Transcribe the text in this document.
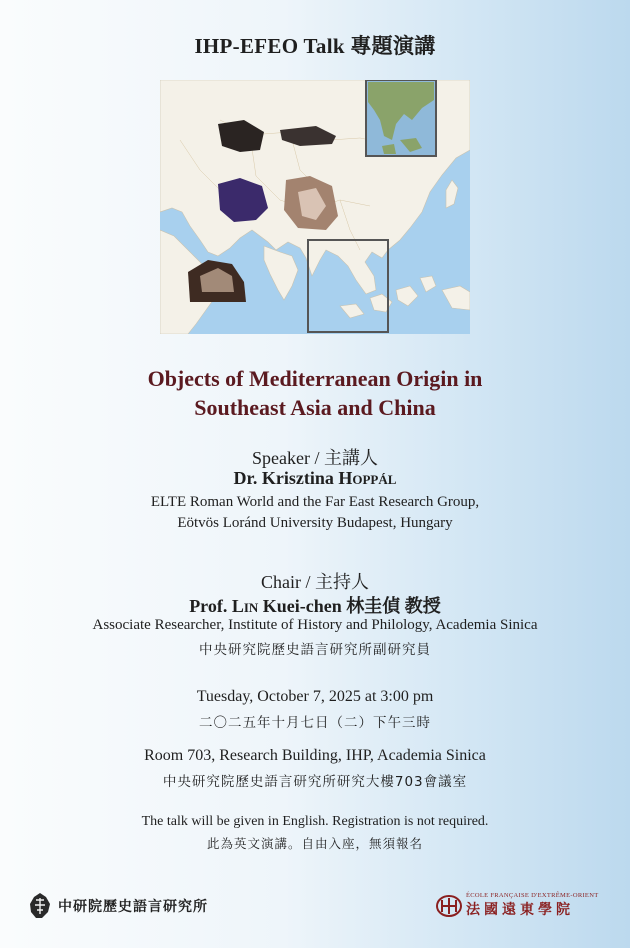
IHP-EFEO Talk 專題演講
Objects of Mediterranean Origin in
Southeast Asia and China
Speaker / 主講人
Dr. Krisztina Hoppál
ELTE Roman World and the Far East Research Group,
Eötvös Loránd University Budapest, Hungary
Chair / 主持人
Prof. Lin Kuei-chen 林圭偵 教授
Associate Researcher, Institute of History and Philology, Academia Sinica
中央研究院歷史語言研究所副研究員
Tuesday, October 7, 2025 at 3:00 pm
二〇二五年十月七日（二）下午三時
Room 703, Research Building, IHP, Academia Sinica
中央研究院歷史語言研究所研究大樓703會議室
The talk will be given in English. Registration is not required.
此為英文演講。自由入座，無須報名
中研院歷史語言研究所
ÉCOLE FRANÇAISE D'EXTRÊME-ORIENT
法國遠東學院
